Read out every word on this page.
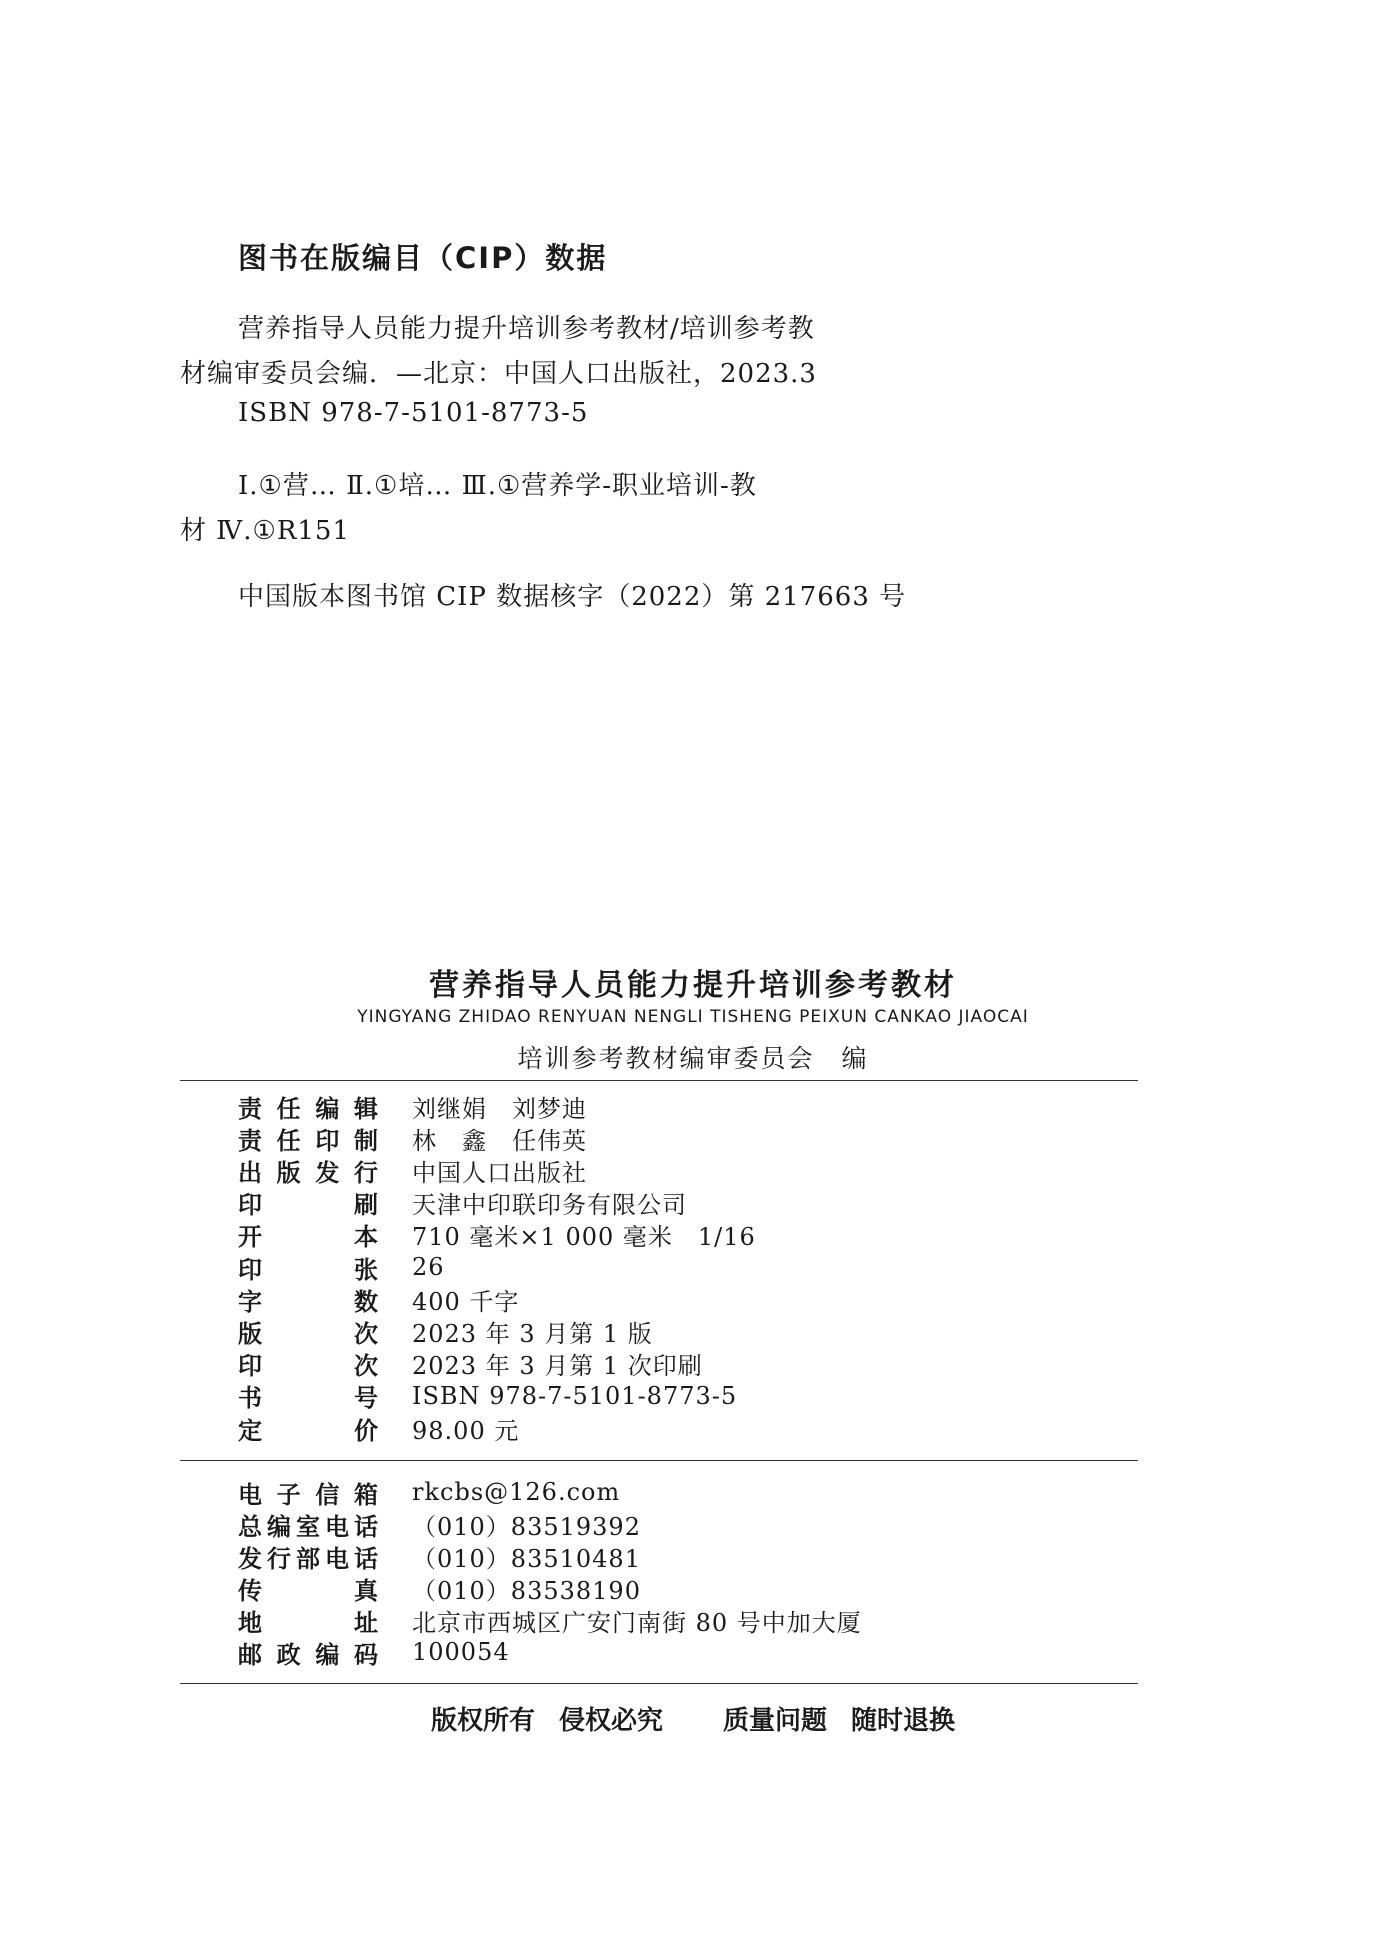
图书在版编目（CIP）数据
营养指导人员能力提升培训参考教材/培训参考教
材编审委员会编．—北京：中国人口出版社，2023.3
ISBN 978-7-5101-8773-5
Ⅰ.①营… Ⅱ.①培… Ⅲ.①营养学-职业培训-教
材 Ⅳ.①R151
中国版本图书馆 CIP 数据核字（2022）第 217663 号
营养指导人员能力提升培训参考教材
YINGYANG ZHIDAO RENYUAN NENGLI TISHENG PEIXUN CANKAO JIAOCAI
培训参考教材编审委员会　编
责 任 编 辑 刘继娟　刘梦迪
责 任 印 制 林　鑫　任伟英
出 版 发 行 中国人口出版社
印	刷 天津中印联印务有限公司
开	本 710 毫米×1 000 毫米　1/16
印	张 26
字	数 400 千字
版	次 2023 年 3 月第 1 版
印	次 2023 年 3 月第 1 次印刷
书	号 ISBN 978-7-5101-8773-5
定	价 98.00 元
电 子 信 箱 rkcbs@126.com
总 编 室 电 话 （010）83519392
发 行 部 电 话 （010）83510481
传	真 （010）83538190
地	址 北京市西城区广安门南街 80 号中加大厦
邮 政 编 码 100054
版权所有 侵权必究 质量问题 随时退换
